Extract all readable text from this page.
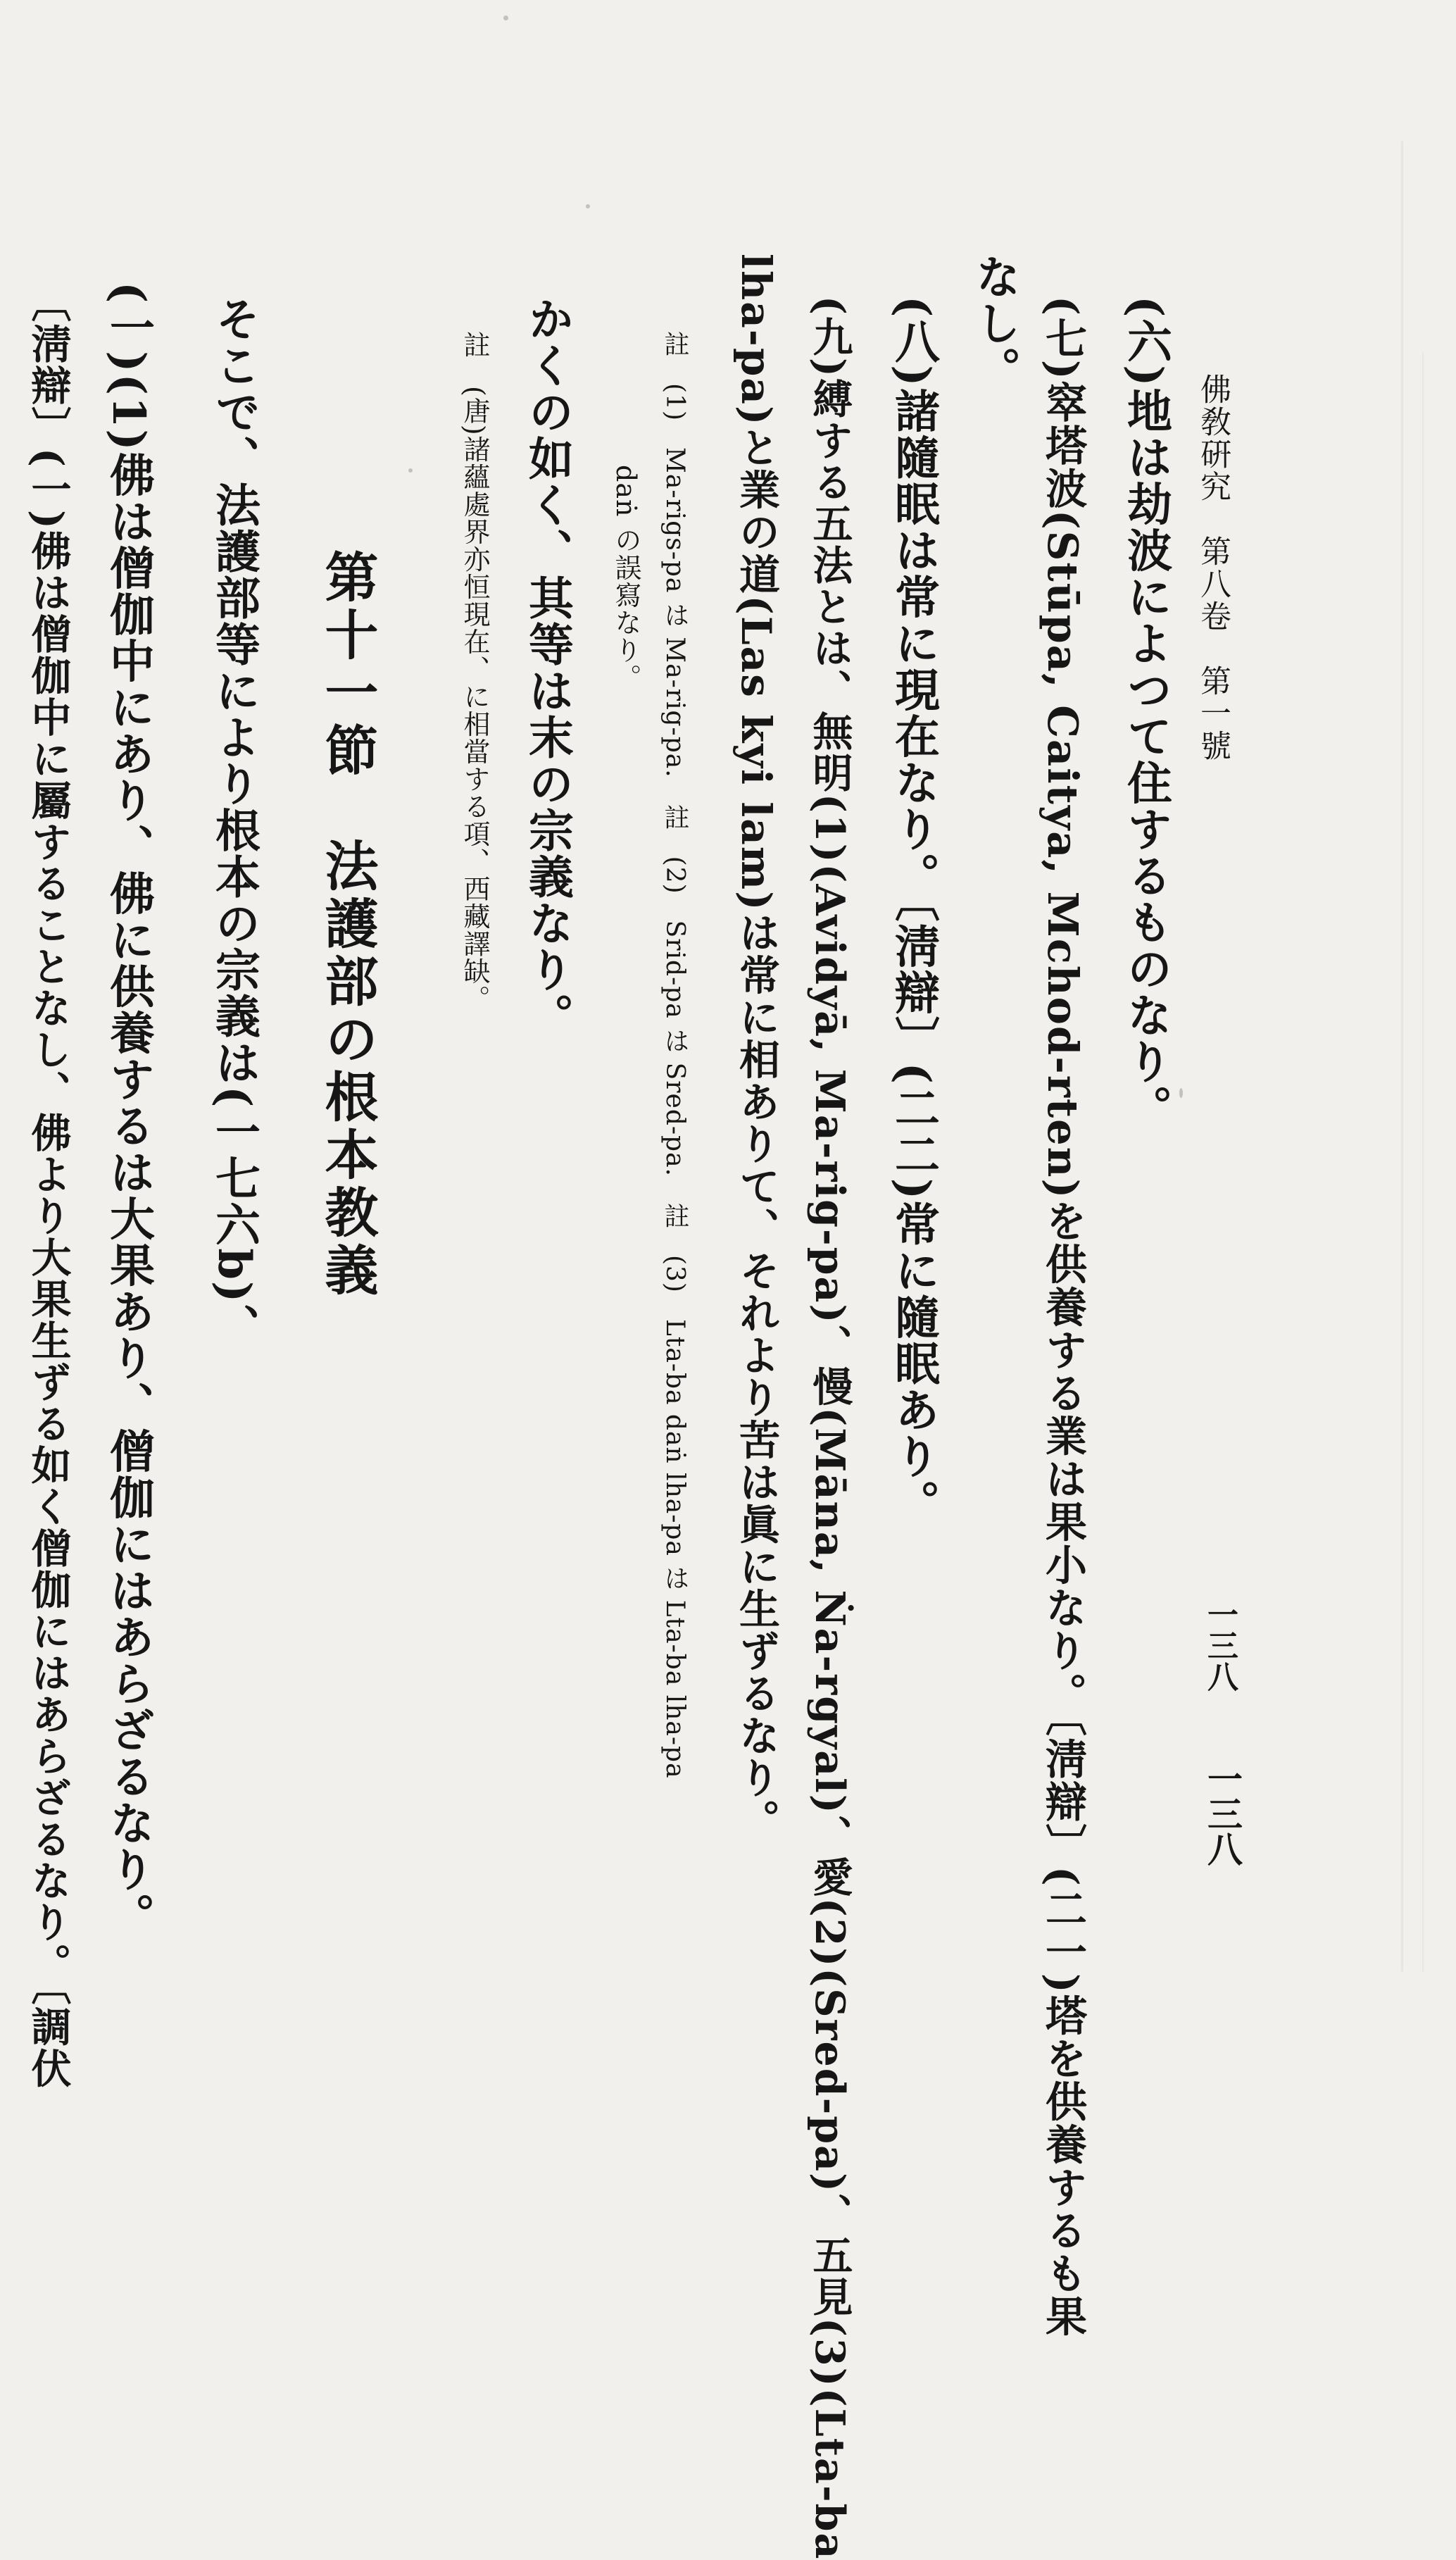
佛敎硏究　第八卷　第一號
一三八
一三八
(六)地は劫波によつて住するものなり。
(七)窣塔波(Stūpa, Caitya, Mchod-rten)を供養する業は果小なり。〔淸辯〕(二一)塔を供養するも果
なし。
(八)諸隨眠は常に現在なり。〔淸辯〕(二二)常に隨眠あり。
(九)縛する五法とは、無明(1)(Avidyā, Ma-rig-pa)、慢(Māna, Ṅa-rgyal)、愛(2)(Sred-pa)、五見(3)(Lta-ba
lha-pa)と業の道(Las kyi lam)は常に相ありて、それより苦は眞に生ずるなり。
註　(1)　Ma-rigs-pa は Ma-rig-pa.　註　(2)　Srid-pa は Sred-pa.　註　(3)　Lta-ba daṅ lha-pa は Lta-ba lha-pa
daṅ の誤寫なり。
かくの如く、其等は末の宗義なり。
註　(唐)諸蘊處界亦恒現在、に相當する項、西藏譯缺。
第十一節　法護部の根本教義
そこで、法護部等により根本の宗義は(一七六b)、
(一)(1)佛は僧伽中にあり、佛に供養するは大果あり、僧伽にはあらざるなり。
〔淸辯〕(一)佛は僧伽中に屬することなし、佛より大果生ずる如く僧伽にはあらざるなり。〔調伏
